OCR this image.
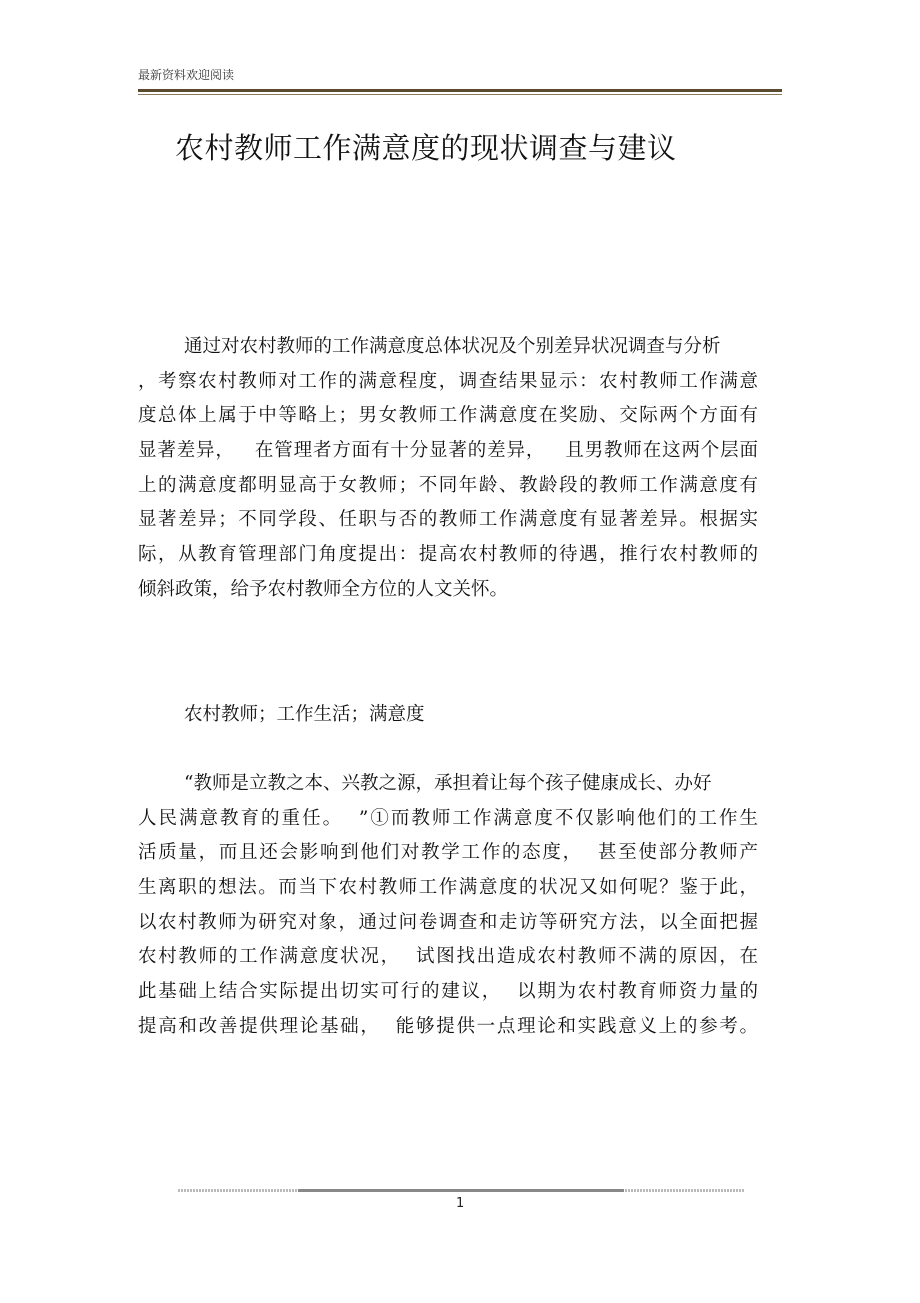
最新资料欢迎阅读
农村教师工作满意度的现状调查与建议
通过对农村教师的工作满意度总体状况及个别差异状况调查与分析
，考察农村教师对工作的满意程度，调查结果显示：农村教师工作满意
度总体上属于中等略上；男女教师工作满意度在奖励、交际两个方面有
显著差异，   在管理者方面有十分显著的差异，   且男教师在这两个层面
上的满意度都明显高于女教师；不同年龄、教龄段的教师工作满意度有
显著差异；不同学段、任职与否的教师工作满意度有显著差异。根据实
际，从教育管理部门角度提出：提高农村教师的待遇，推行农村教师的
倾斜政策，给予农村教师全方位的人文关怀。
农村教师；工作生活；满意度
“教师是立教之本、兴教之源，承担着让每个孩子健康成长、办好
人民满意教育的重任。  ”①而教师工作满意度不仅影响他们的工作生
活质量，而且还会影响到他们对教学工作的态度，  甚至使部分教师产
生离职的想法。而当下农村教师工作满意度的状况又如何呢？鉴于此，
以农村教师为研究对象，通过问卷调查和走访等研究方法，以全面把握
农村教师的工作满意度状况，  试图找出造成农村教师不满的原因，在
此基础上结合实际提出切实可行的建议，  以期为农村教育师资力量的
提高和改善提供理论基础，  能够提供一点理论和实践意义上的参考。
1
